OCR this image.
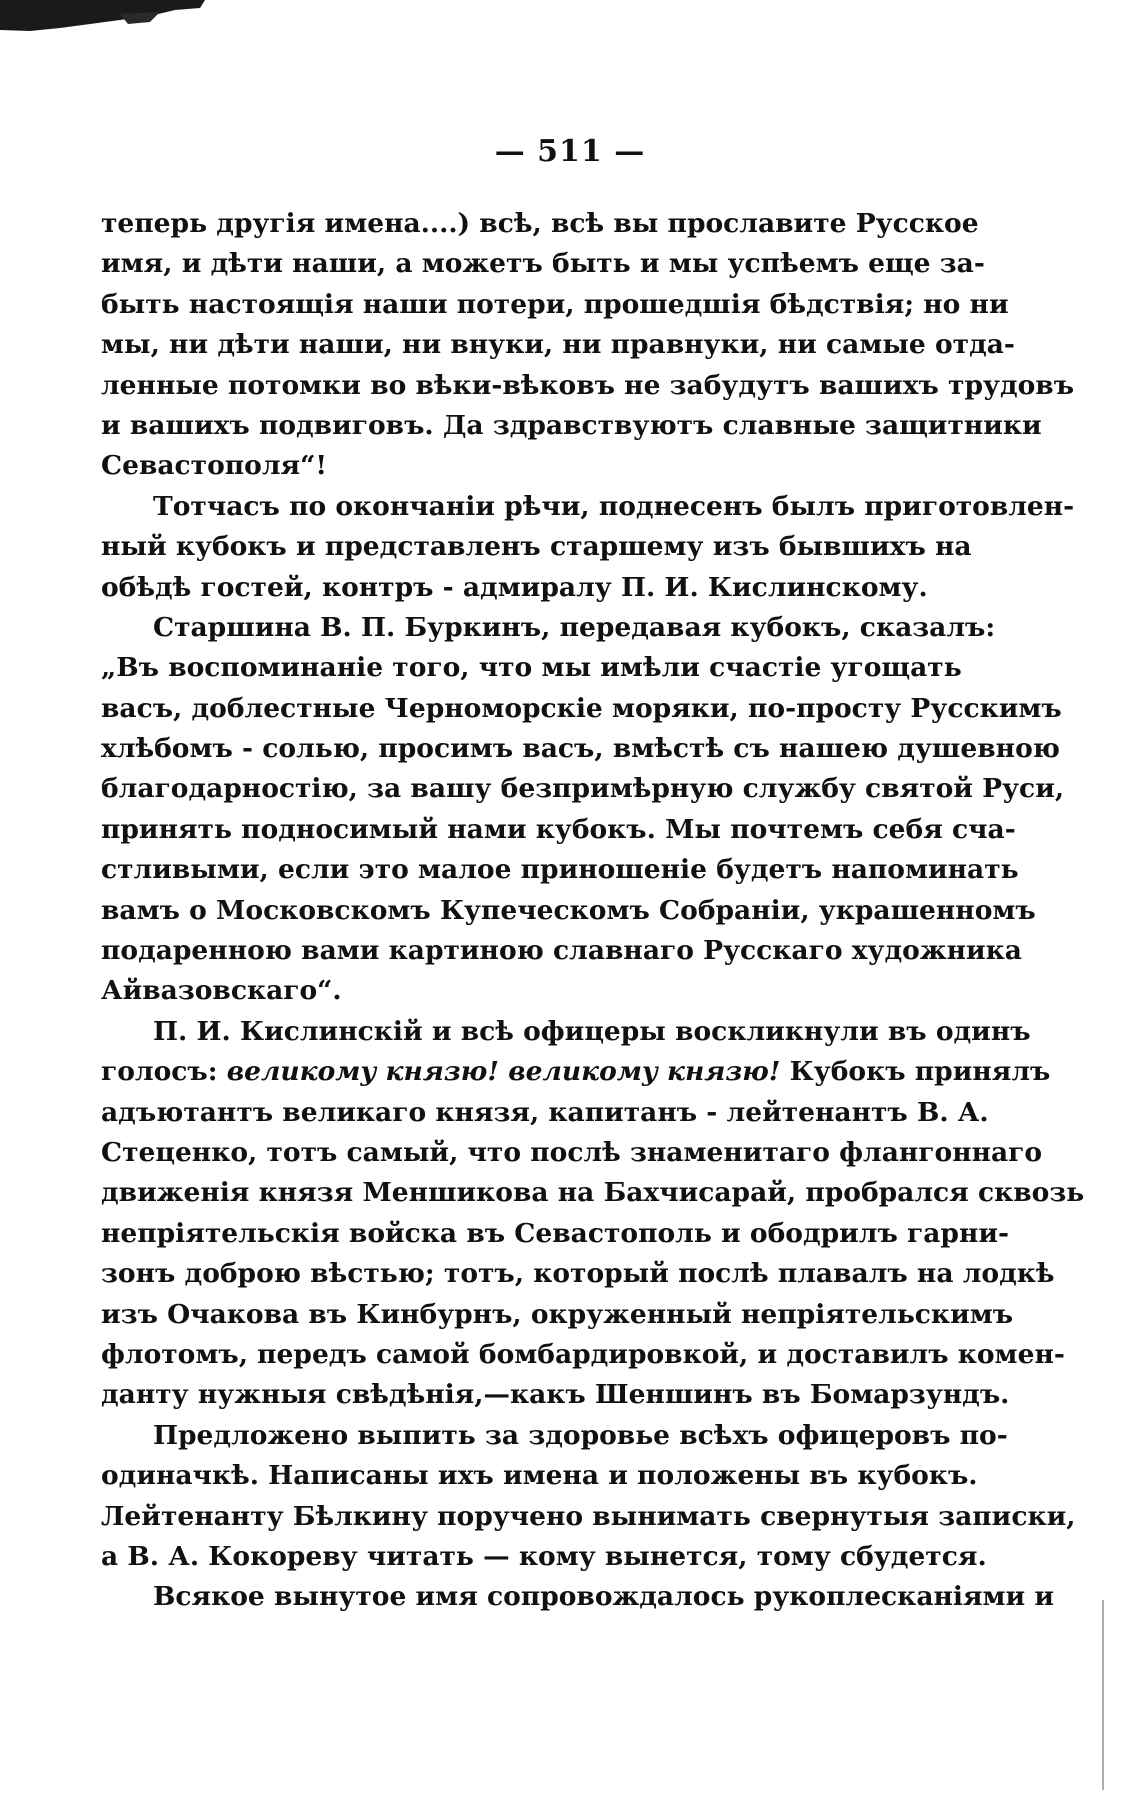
— 511 —
теперь другія имена....) всѣ, всѣ вы прославите Русское
имя, и дѣти наши, а можетъ быть и мы успѣемъ еще за-
быть настоящія наши потери, прошедшія бѣдствія; но ни
мы, ни дѣти наши, ни внуки, ни правнуки, ни самые отда-
ленные потомки во вѣки-вѣковъ не забудутъ вашихъ трудовъ
и вашихъ подвиговъ. Да здравствуютъ славные защитники
Севастополя“!
Тотчасъ по окончаніи рѣчи, поднесенъ былъ приготовлен-
ный кубокъ и представленъ старшему изъ бывшихъ на
обѣдѣ гостей, контръ - адмиралу П. И. Кислинскому.
Старшина В. П. Буркинъ, передавая кубокъ, сказалъ:
„Въ воспоминаніе того, что мы имѣли счастіе угощать
васъ, доблестные Черноморскіе моряки, по-просту Русскимъ
хлѣбомъ - солью, просимъ васъ, вмѣстѣ съ нашею душевною
благодарностію, за вашу безпримѣрную службу святой Руси,
принять подносимый нами кубокъ. Мы почтемъ себя сча-
стливыми, если это малое приношеніе будетъ напоминать
вамъ о Московскомъ Купеческомъ Собраніи, украшенномъ
подаренною вами картиною славнаго Русскаго художника
Айвазовскаго“.
П. И. Кислинскій и всѣ офицеры воскликнули въ одинъ
голосъ: великому князю! великому князю! Кубокъ принялъ
адъютантъ великаго князя, капитанъ - лейтенантъ В. А.
Стеценко, тотъ самый, что послѣ знаменитаго флангоннаго
движенія князя Меншикова на Бахчисарай, пробрался сквозь
непріятельскія войска въ Севастополь и ободрилъ гарни-
зонъ доброю вѣстью; тотъ, который послѣ плавалъ на лодкѣ
изъ Очакова въ Кинбурнъ, окруженный непріятельскимъ
флотомъ, передъ самой бомбардировкой, и доставилъ комен-
данту нужныя свѣдѣнія,—какъ Шеншинъ въ Бомарзундъ.
Предложено выпить за здоровье всѣхъ офицеровъ по-
одиначкѣ. Написаны ихъ имена и положены въ кубокъ.
Лейтенанту Бѣлкину поручено вынимать свернутыя записки,
а В. А. Кокореву читать — кому вынется, тому сбудется.
Всякое вынутое имя сопровождалось рукоплесканіями и
